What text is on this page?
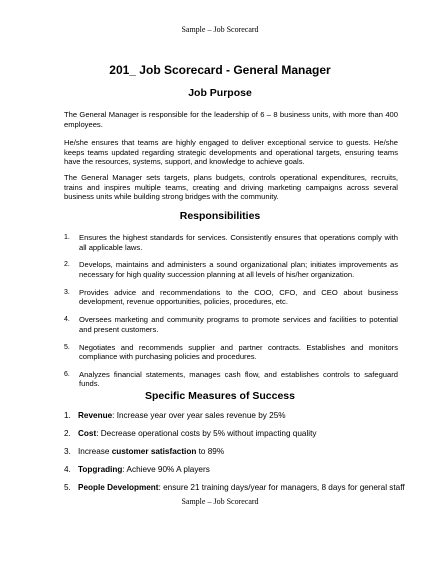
Sample – Job Scorecard
201_ Job Scorecard - General Manager
Job Purpose
The General Manager is responsible for the leadership of 6 – 8 business units, with more than 400 employees.
He/she ensures that teams are highly engaged to deliver exceptional service to guests. He/she keeps teams updated regarding strategic developments and operational targets, ensuring teams have the resources, systems, support, and knowledge to achieve goals.
The General Manager sets targets, plans budgets, controls operational expenditures, recruits, trains and inspires multiple teams, creating and driving marketing campaigns across several business units while building strong bridges with the community.
Responsibilities
1. Ensures the highest standards for services. Consistently ensures that operations comply with all applicable laws.
2. Develops, maintains and administers a sound organizational plan; initiates improvements as necessary for high quality succession planning at all levels of his/her organization.
3. Provides advice and recommendations to the COO, CFO, and CEO about business development, revenue opportunities, policies, procedures, etc.
4. Oversees marketing and community programs to promote services and facilities to potential and present customers.
5. Negotiates and recommends supplier and partner contracts. Establishes and monitors compliance with purchasing policies and procedures.
6. Analyzes financial statements, manages cash flow, and establishes controls to safeguard funds.
Specific Measures of Success
1. Revenue: Increase year over year sales revenue by 25%
2. Cost: Decrease operational costs by 5% without impacting quality
3. Increase customer satisfaction to 89%
4. Topgrading: Achieve 90% A players
5. People Development: ensure 21 training days/year for managers, 8 days for general staff
Sample – Job Scorecard
